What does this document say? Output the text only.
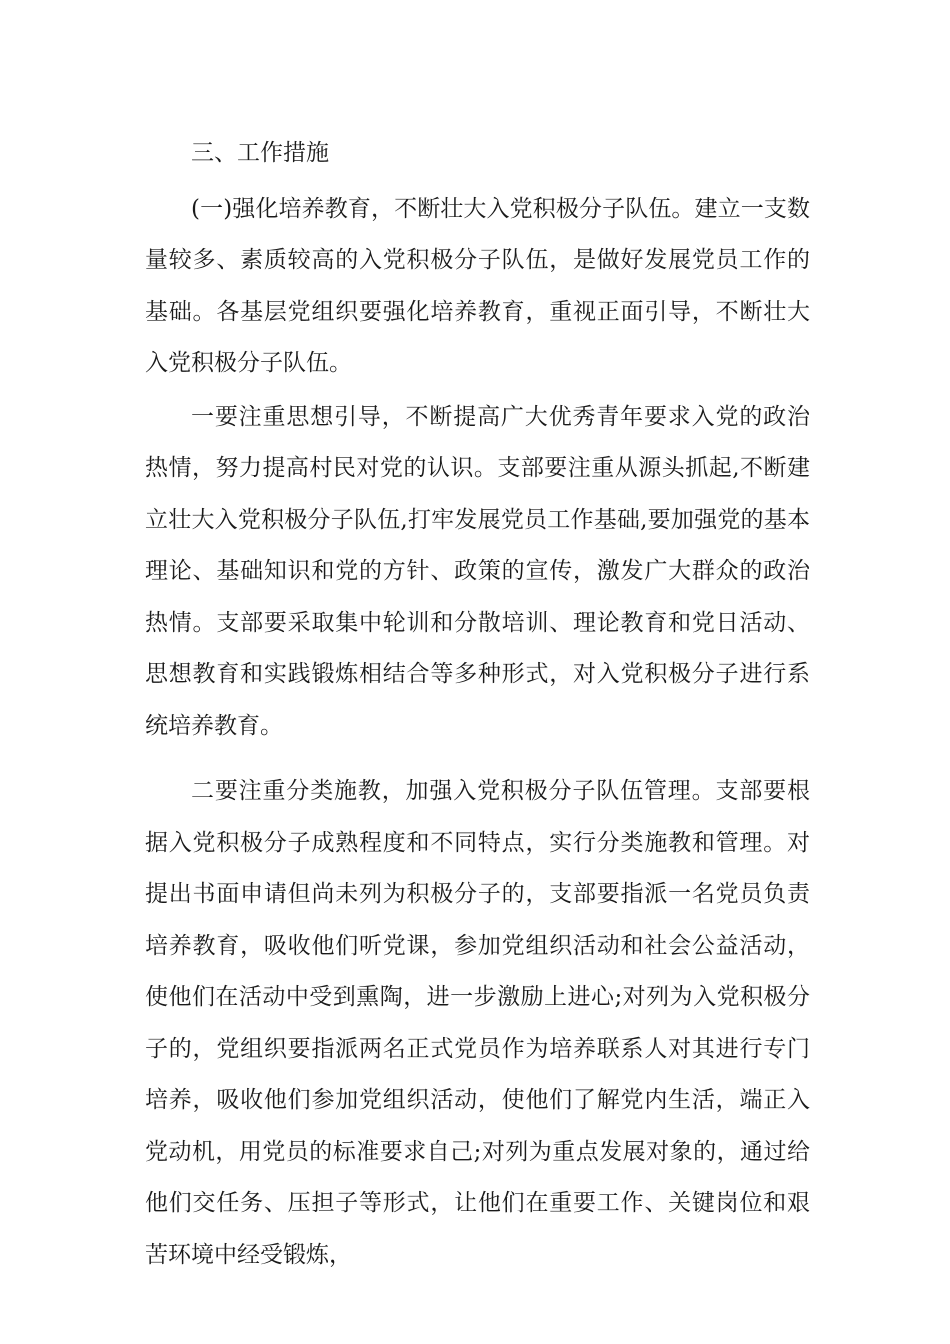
三、工作措施

(一)强化培养教育，不断壮大入党积极分子队伍。建立一支数量较多、素质较高的入党积极分子队伍，是做好发展党员工作的基础。各基层党组织要强化培养教育，重视正面引导，不断壮大入党积极分子队伍。

一要注重思想引导，不断提高广大优秀青年要求入党的政治热情，努力提高村民对党的认识。支部要注重从源头抓起,不断建立壮大入党积极分子队伍,打牢发展党员工作基础,要加强党的基本理论、基础知识和党的方针、政策的宣传，激发广大群众的政治热情。支部要采取集中轮训和分散培训、理论教育和党日活动、思想教育和实践锻炼相结合等多种形式，对入党积极分子进行系统培养教育。

二要注重分类施教，加强入党积极分子队伍管理。支部要根据入党积极分子成熟程度和不同特点，实行分类施教和管理。对提出书面申请但尚未列为积极分子的，支部要指派一名党员负责培养教育，吸收他们听党课，参加党组织活动和社会公益活动，使他们在活动中受到熏陶，进一步激励上进心;对列为入党积极分子的，党组织要指派两名正式党员作为培养联系人对其进行专门培养，吸收他们参加党组织活动，使他们了解党内生活，端正入党动机，用党员的标准要求自己;对列为重点发展对象的，通过给他们交任务、压担子等形式，让他们在重要工作、关键岗位和艰苦环境中经受锻炼，
